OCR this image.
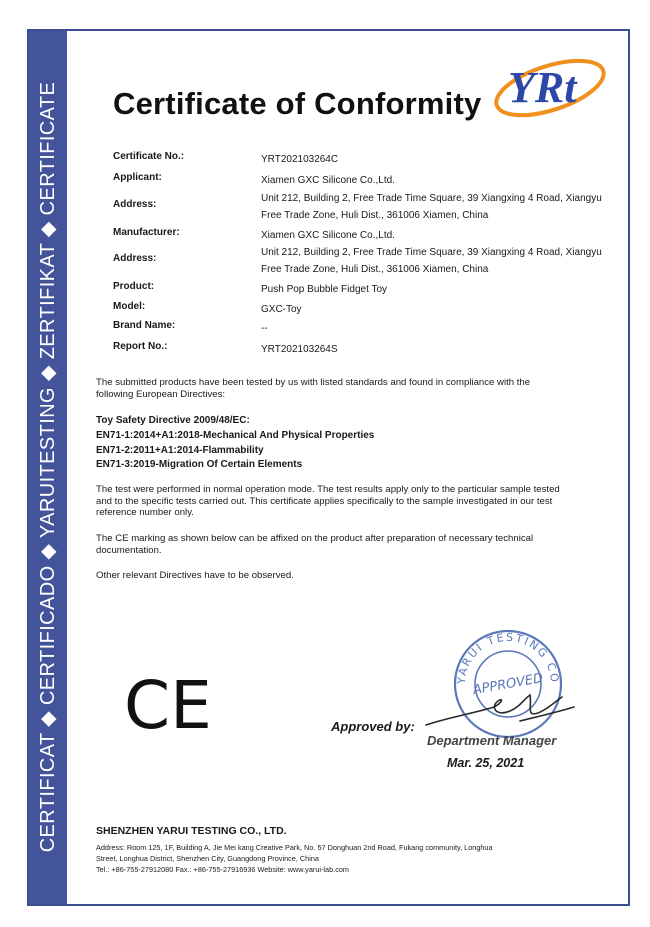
CERTIFICAT ◆ CERTIFICADO ◆ YARUITESTING ◆ ZERTIFIKAT ◆ CERTIFICATE Certificate of Conformity YRt
Certificate No.:	YRT202103264C
Applicant:	Xiamen GXC Silicone Co.,Ltd.
Address:
Unit 212, Building 2, Free Trade Time Square, 39 Xiangxing 4 Road, Xiangyu Free Trade Zone, Huli Dist., 361006 Xiamen, China
Manufacturer:	Xiamen GXC Silicone Co.,Ltd.
Address:
Unit 212, Building 2, Free Trade Time Square, 39 Xiangxing 4 Road, Xiangyu Free Trade Zone, Huli Dist., 361006 Xiamen, China
Product:	Push Pop Bubble Fidget Toy
Model:	GXC-Toy
Brand Name:	--
Report No.:	YRT202103264S
The submitted products have been tested by us with listed standards and found in compliance with the following European Directives:
Toy Safety Directive 2009/48/EC:
EN71-1:2014+A1:2018-Mechanical And Physical Properties
EN71-2:2011+A1:2014-Flammability
EN71-3:2019-Migration Of Certain Elements
The test were performed in normal operation mode. The test results apply only to the particular sample tested and to the specific tests carried out. This certificate applies specifically to the sample investigated in our test reference number only.
The CE marking as shown below can be affixed on the product after preparation of necessary technical documentation.
Other relevant Directives have to be observed.
CE	YARUI TESTING CO
APPROVED
Approved by:
Department Manager
Mar. 25, 2021
SHENZHEN YARUI TESTING CO., LTD.
Address: Room 125, 1F, Building A, Jie Mei kang Creative Park, No. 57 Donghuan 2nd Road, Fukang community, Longhua Street, Longhua District, Shenzhen City, Guangdong Province, China
Tel.: +86-755-27912080 Fax.: +86-755-27916936 Website: www.yarui-lab.com
